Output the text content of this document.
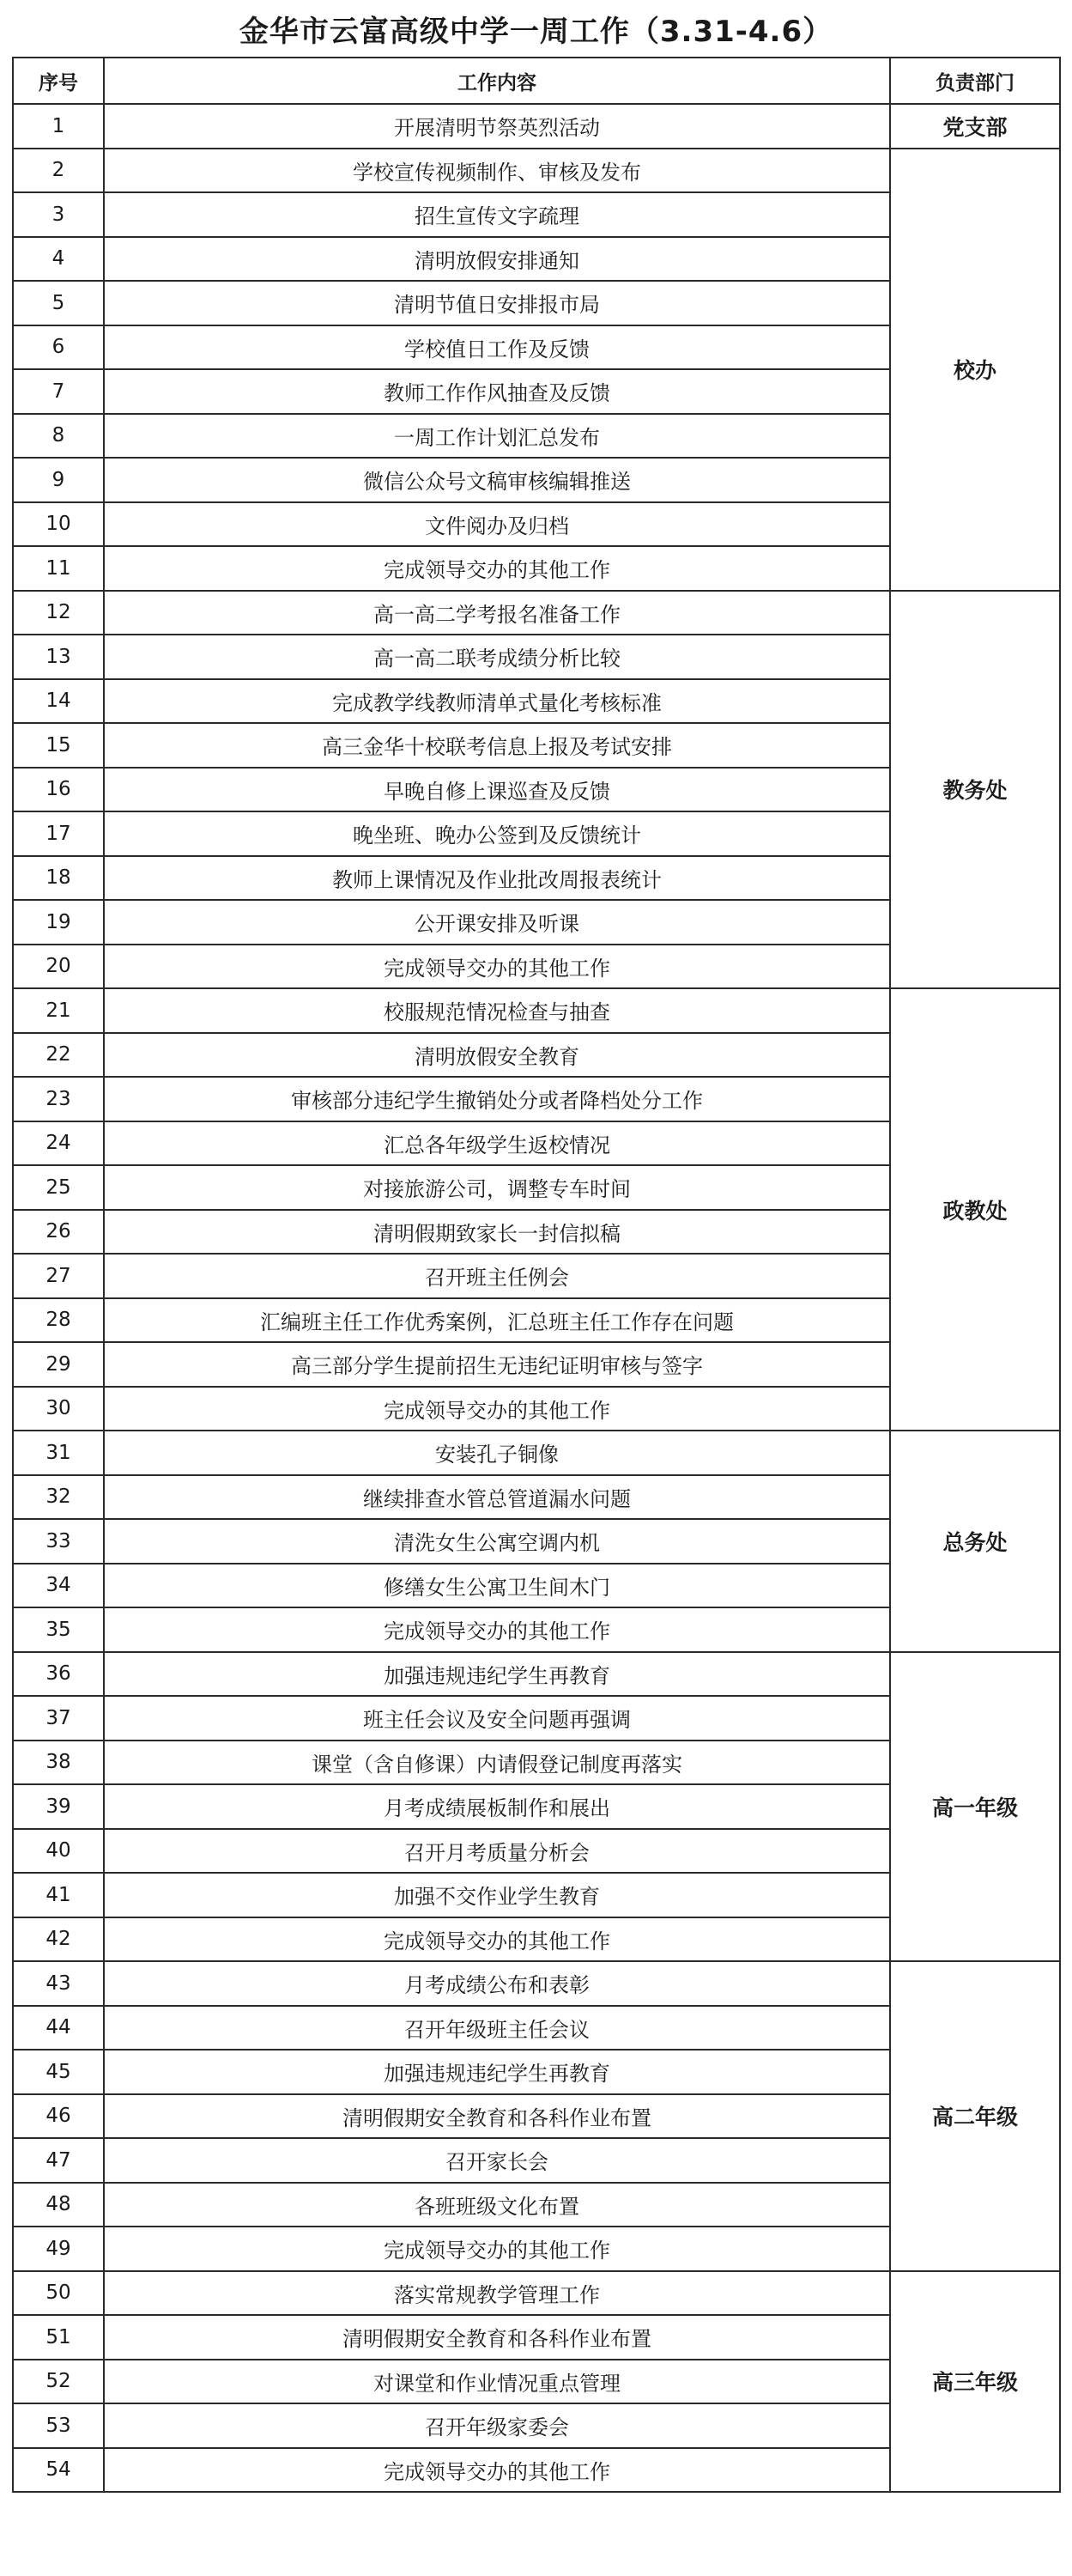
金华市云富高级中学一周工作（3.31-4.6）
序号	工作内容	负责部门
1	开展清明节祭英烈活动	党支部
2	学校宣传视频制作、审核及发布	校办
3	招生宣传文字疏理	
4	清明放假安排通知	
5	清明节值日安排报市局	
6	学校值日工作及反馈	
7	教师工作作风抽查及反馈	
8	一周工作计划汇总发布	
9	微信公众号文稿审核编辑推送	
10	文件阅办及归档	
11	完成领导交办的其他工作	
12	高一高二学考报名准备工作	教务处
13	高一高二联考成绩分析比较	
14	完成教学线教师清单式量化考核标准	
15	高三金华十校联考信息上报及考试安排	
16	早晚自修上课巡查及反馈	
17	晚坐班、晚办公签到及反馈统计	
18	教师上课情况及作业批改周报表统计	
19	公开课安排及听课	
20	完成领导交办的其他工作	
21	校服规范情况检查与抽查	政教处
22	清明放假安全教育	
23	审核部分违纪学生撤销处分或者降档处分工作	
24	汇总各年级学生返校情况	
25	对接旅游公司，调整专车时间	
26	清明假期致家长一封信拟稿	
27	召开班主任例会	
28	汇编班主任工作优秀案例，汇总班主任工作存在问题	
29	高三部分学生提前招生无违纪证明审核与签字	
30	完成领导交办的其他工作	
31	安装孔子铜像	总务处
32	继续排查水管总管道漏水问题	
33	清洗女生公寓空调内机	
34	修缮女生公寓卫生间木门	
35	完成领导交办的其他工作	
36	加强违规违纪学生再教育	高一年级
37	班主任会议及安全问题再强调	
38	课堂（含自修课）内请假登记制度再落实	
39	月考成绩展板制作和展出	
40	召开月考质量分析会	
41	加强不交作业学生教育	
42	完成领导交办的其他工作	
43	月考成绩公布和表彰	高二年级
44	召开年级班主任会议	
45	加强违规违纪学生再教育	
46	清明假期安全教育和各科作业布置	
47	召开家长会	
48	各班班级文化布置	
49	完成领导交办的其他工作	
50	落实常规教学管理工作	高三年级
51	清明假期安全教育和各科作业布置	
52	对课堂和作业情况重点管理	
53	召开年级家委会	
54	完成领导交办的其他工作	
